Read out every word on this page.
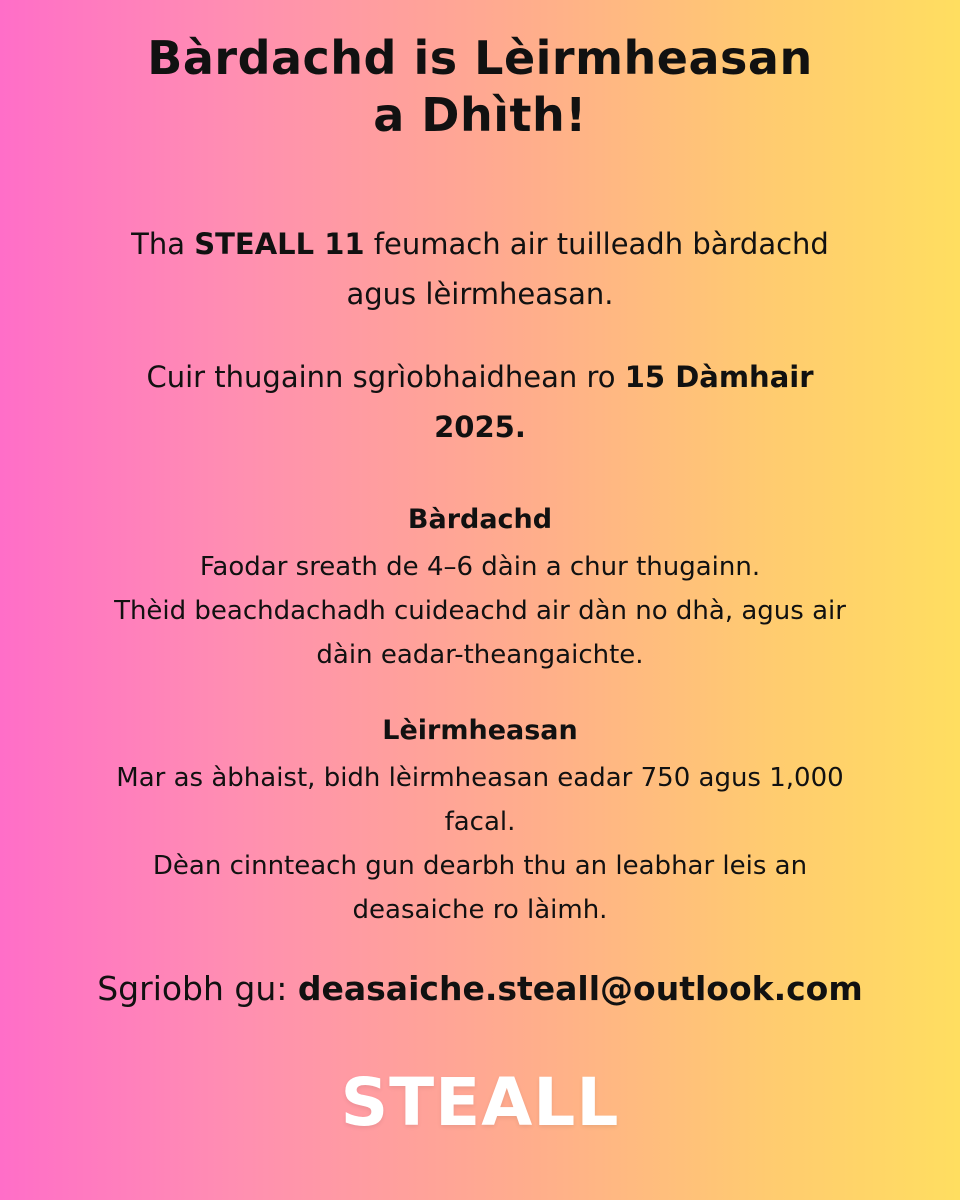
Bàrdachd is Lèirmheasan
a Dhìth!
Tha STEALL 11 feumach air tuilleadh bàrdachd
agus lèirmheasan.
Cuir thugainn sgrìobhaidhean ro 15 Dàmhair
2025.
Bàrdachd
Faodar sreath de 4–6 dàin a chur thugainn.
Thèid beachdachadh cuideachd air dàn no dhà, agus air
dàin eadar-theangaichte.
Lèirmheasan
Mar as àbhaist, bidh lèirmheasan eadar 750 agus 1,000
facal.
Dèan cinnteach gun dearbh thu an leabhar leis an
deasaiche ro làimh.
Sgriobh gu: deasaiche.steall@outlook.com
STEALL
